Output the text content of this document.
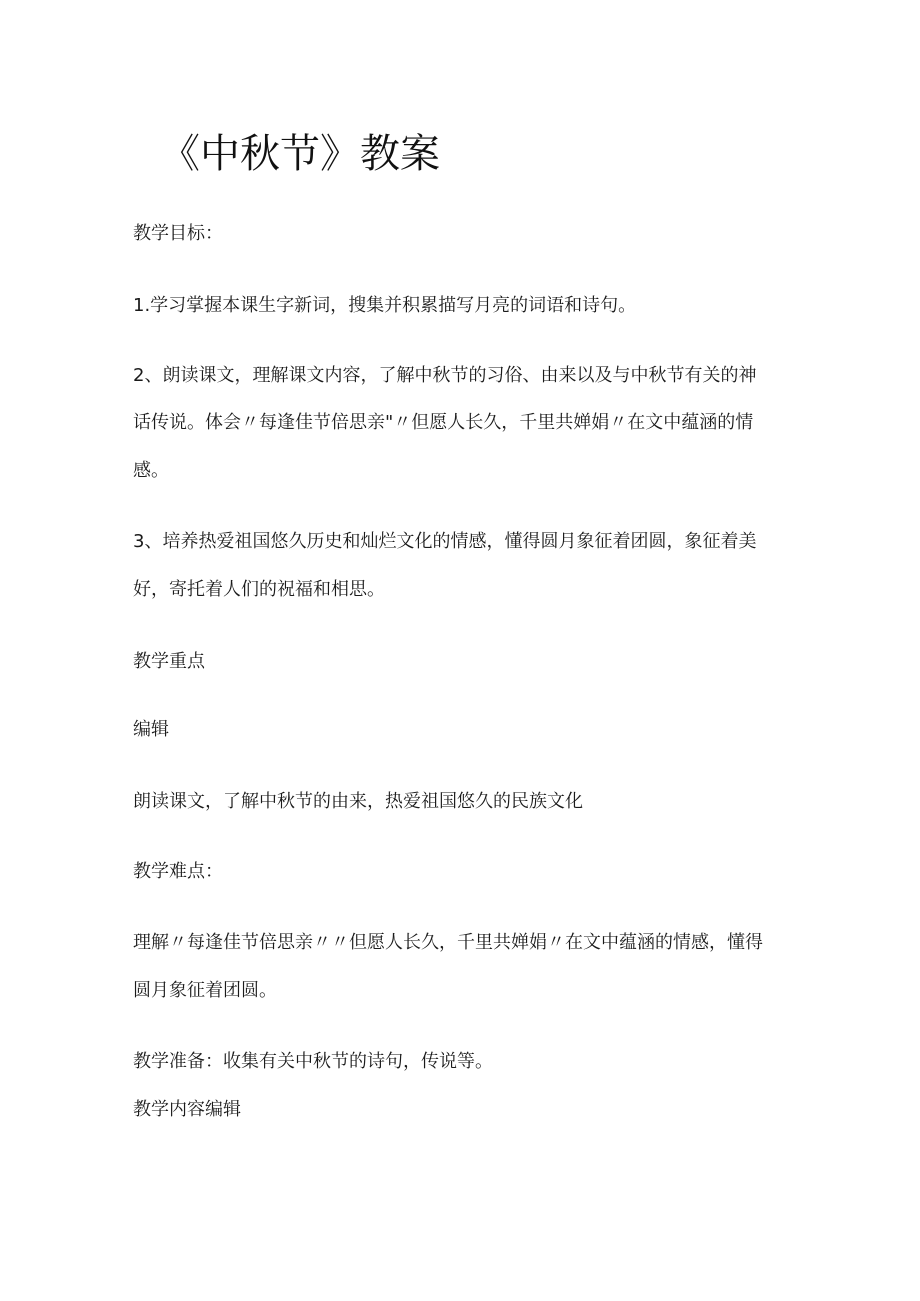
《中秋节》教案
教学目标：
1.学习掌握本课生字新词，搜集并积累描写月亮的词语和诗句。
2、朗读课文，理解课文内容，了解中秋节的习俗、由来以及与中秋节有关的神
话传说。体会〃每逢佳节倍思亲"〃但愿人长久，千里共婵娟〃在文中蕴涵的情
感。
3、培养热爱祖国悠久历史和灿烂文化的情感，懂得圆月象征着团圆，象征着美
好，寄托着人们的祝福和相思。
教学重点
编辑
朗读课文，了解中秋节的由来，热爱祖国悠久的民族文化
教学难点：
理解〃每逢佳节倍思亲〃〃但愿人长久，千里共婵娟〃在文中蕴涵的情感，懂得
圆月象征着团圆。
教学准备：收集有关中秋节的诗句，传说等。
教学内容编辑
